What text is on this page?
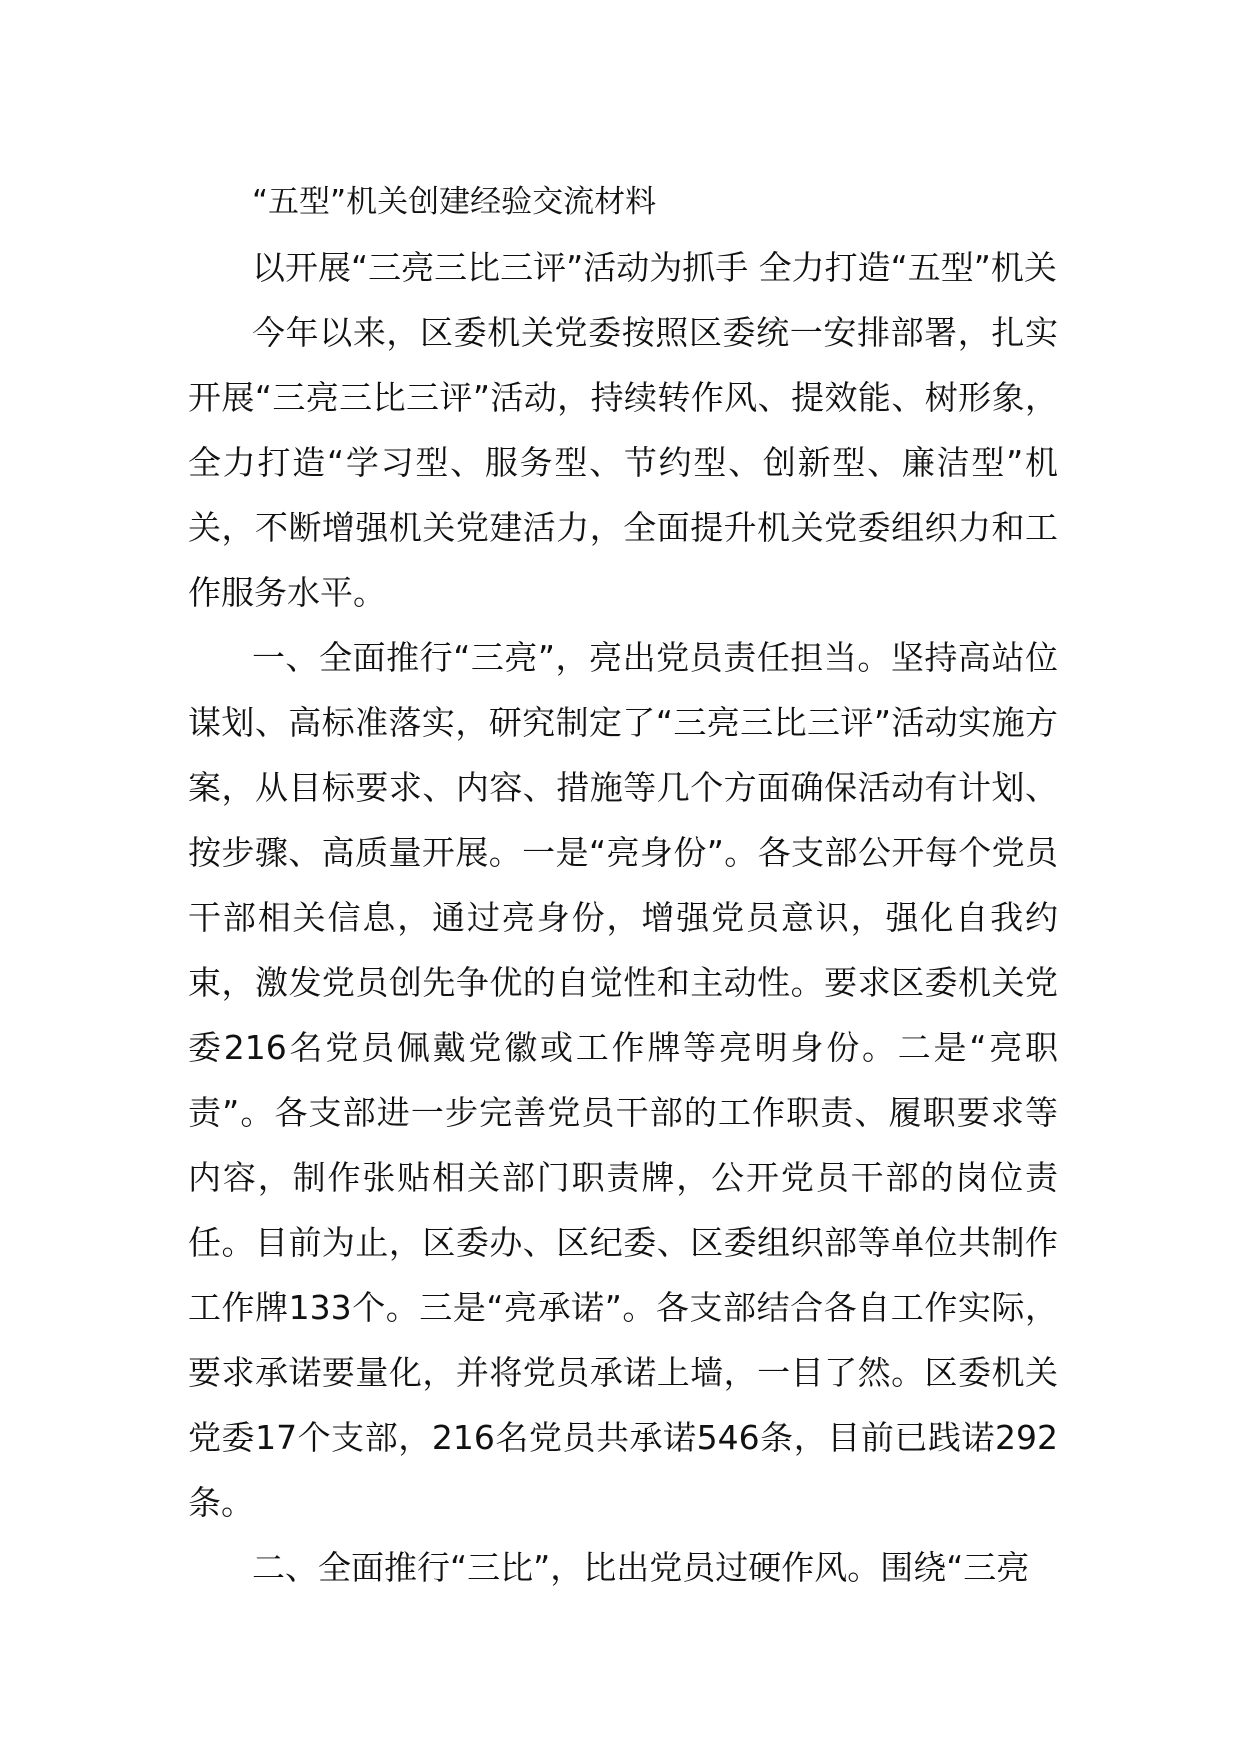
“五型”机关创建经验交流材料

以开展“三亮三比三评”活动为抓手 全力打造“五型”机关

今年以来，区委机关党委按照区委统一安排部署，扎实开展“三亮三比三评”活动，持续转作风、提效能、树形象，全力打造“学习型、服务型、节约型、创新型、廉洁型”机关，不断增强机关党建活力，全面提升机关党委组织力和工作服务水平。

一、全面推行“三亮”，亮出党员责任担当。坚持高站位谋划、高标准落实，研究制定了“三亮三比三评”活动实施方案，从目标要求、内容、措施等几个方面确保活动有计划、按步骤、高质量开展。一是“亮身份”。各支部公开每个党员干部相关信息，通过亮身份，增强党员意识，强化自我约束，激发党员创先争优的自觉性和主动性。要求区委机关党委216名党员佩戴党徽或工作牌等亮明身份。二是“亮职责”。各支部进一步完善党员干部的工作职责、履职要求等内容，制作张贴相关部门职责牌，公开党员干部的岗位责任。目前为止，区委办、区纪委、区委组织部等单位共制作工作牌133个。三是“亮承诺”。各支部结合各自工作实际，要求承诺要量化，并将党员承诺上墙，一目了然。区委机关党委17个支部，216名党员共承诺546条，目前已践诺292条。

二、全面推行“三比”，比出党员过硬作风。围绕“三亮
